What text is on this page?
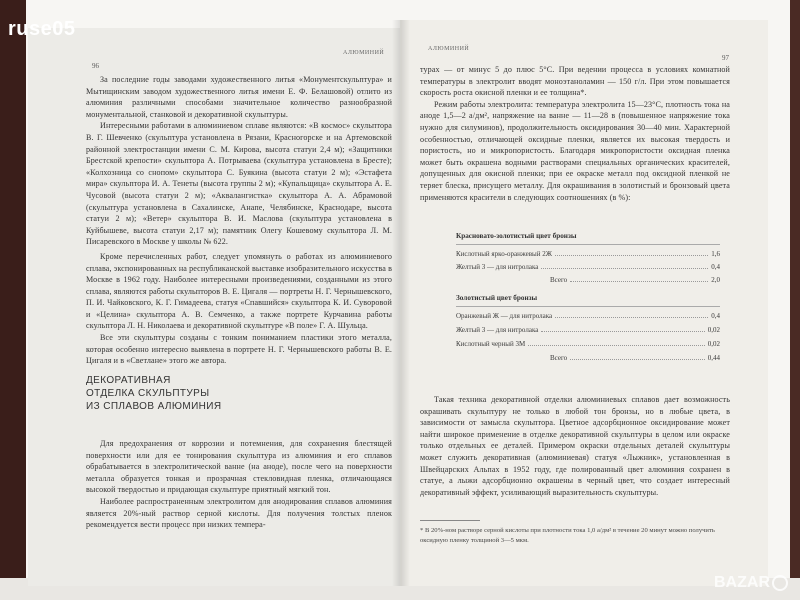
96
АЛЮМИНИЙ

За последние годы заводами художественного литья «Монументскульптура» и Мытищинским заводом художественного литья имени Е. Ф. Белашовой) отлито из алюминия различными способами значительное количество разнообразной монументальной, станковой и декоративной скульптуры.

Интересными работами в алюминиевом сплаве являются: «В космос» скульптора В. Г. Шевченко (скульптура установлена в Рязани, Красногорске и на Артемовской районной электростанции имени С. М. Кирова, высота статуи 2,4 м); «Защитники Брестской крепости» скульптора А. Потрываева (скульптура установлена в Бресте); «Колхозница со снопом» скульптора С. Буякина (высота статуи 2 м); «Эстафета мира» скульптора И. А. Тенеты (высота группы 2 м); «Купальщица» скульптора А. Е. Чусовой (высота статуи 2 м); «Аквалангистка» скульптора А. А. Абрамовой (скульптура установлена в Сахалинске, Анапе, Челябинске, Краснодаре, высота статуи 2 м); «Ветер» скульптора В. И. Маслова (скульптура установлена в Куйбышеве, высота статуи 2,17 м); памятник Олегу Кошевому скульптора Л. М. Писаревского в Москве у школы № 622.

Кроме перечисленных работ, следует упомянуть о работах из алюминиевого сплава, экспонированных на республиканской выставке изобразительного искусства в Москве в 1962 году. Наиболее интересными произведениями, созданными из этого сплава, являются работы скульпторов В. Е. Цигаля — портреты Н. Г. Чернышевского, П. И. Чайковского, К. Г. Гимадеева, статуя «Спавшийся» скульптора К. И. Суворовой и «Целина» скульптора А. В. Семченко, а также портрете Курчавина работы скульптора Л. Н. Николаева и декоративной скульптуре «В поле» Г. А. Шульца.

Все эти скульптуры созданы с тонким пониманием пластики этого металла, которая особенно интересно выявлена в портрете Н. Г. Чернышевского работы В. Е. Цигаля и в «Светлане» этого же автора.

ДЕКОРАТИВНАЯ
ОТДЕЛКА СКУЛЬПТУРЫ
ИЗ СПЛАВОВ АЛЮМИНИЯ

Для предохранения от коррозии и потемнения, для сохранения блестящей поверхности или для ее тонирования скульптура из алюминия и его сплавов обрабатывается в электролитической ванне (на аноде), после чего на поверхности металла образуется тонкая и прозрачная стекловидная пленка, отличающаяся высокой твердостью и придающая скульптуре приятный мягкий тон.

Наиболее распространенным электролитом для анодирования сплавов алюминия является 20%-ный раствор серной кислоты. Для получения толстых пленок рекомендуется вести процесс при низких темпера-

АЛЮМИНИЙ
97

турах — от минус 5 до плюс 5°С. При ведении процесса в условиях комнатной температуры в электролит вводят моноэтаноламин — 150 г/л. При этом повышается скорость роста окисной пленки и ее толщина*.

Режим работы электролита: температура электролита 15—23°С, плотность тока на аноде 1,5—2 а/дм², напряжение на ванне — 11—28 в (повышенное напряжение тока нужно для силуминов), продолжительность оксидирования 30—40 мин. Характерной особенностью, отличающей оксидные пленки, является их высокая твердость и пористость, но и микропористость. Благодаря микропористости оксидная пленка может быть окрашена водными растворами специальных органических красителей, допущенных для окисной пленки; при ее окраске металл под оксидной пленкой не теряет блеска, присущего металлу. Для окрашивания в золотистый и бронзовый цвета применяются красители в следующих соотношениях (в %):

Красновато-золотистый цвет бронзы
Кислотный ярко-оранжевый 2Ж	1,6
Желтый 3 — для нитролака	0,4
Всего	2,0
Золотистый цвет бронзы
Оранжевый Ж — для нитролака	0,4
Желтый 3 — для нитролака	0,02
Кислотный черный 3М	0,02
Всего	0,44

Такая техника декоративной отделки алюминиевых сплавов дает возможность окрашивать скульптуру не только в любой тон бронзы, но в любые цвета, в зависимости от замысла скульптора. Цветное адсорбционное оксидирование может найти широкое применение в отделке декоративной скульптуры в целом или окраске только отдельных ее деталей. Примером окраски отдельных деталей скульптуры может служить декоративная (алюминиевая) статуя «Лыжник», установленная в Швейцарских Альпах в 1952 году, где полированный цвет алюминия сохранен в статуе, а лыжи адсорбционно окрашены в черный цвет, что создает интересный декоративный эффект, усиливающий выразительность скульптуры.

* В 20%-ном растворе серной кислоты при плотности тока 1,0 а/дм² в течение 20 минут можно получить оксидную пленку толщиной 3—5 мкм.
ruse05
BAZAR
